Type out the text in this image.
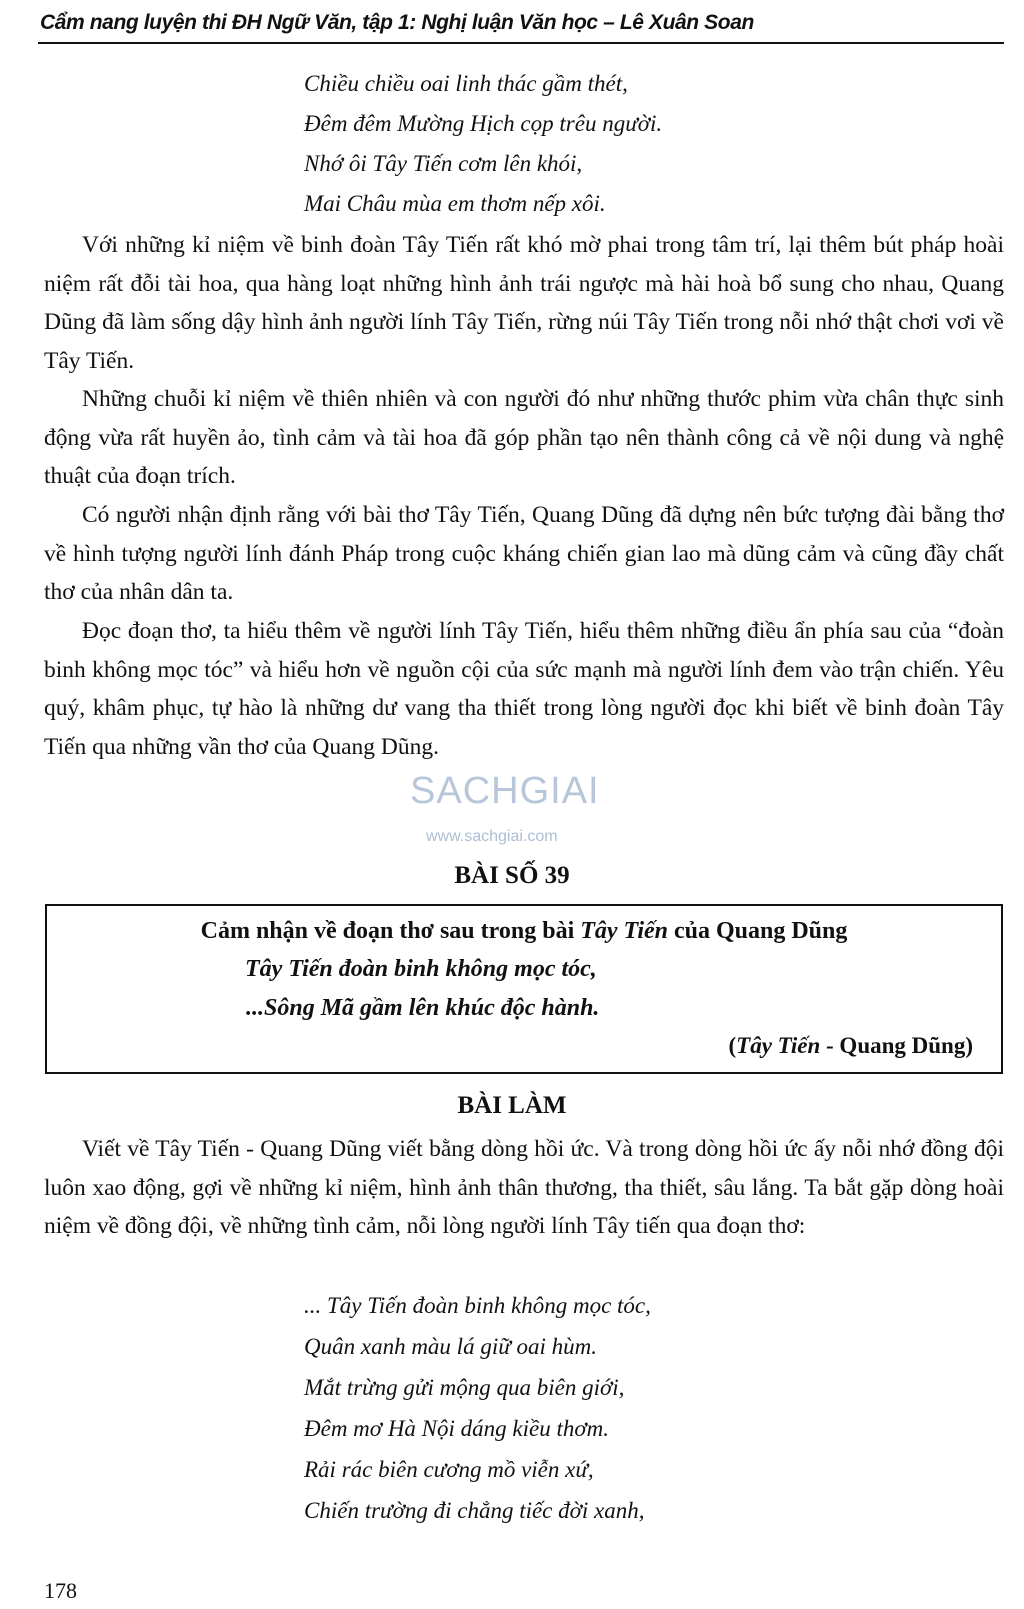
Cẩm nang luyện thi ĐH Ngữ Văn, tập 1: Nghị luận Văn học – Lê Xuân Soan
Chiều chiều oai linh thác gầm thét,
Đêm đêm Mường Hịch cọp trêu người.
Nhớ ôi Tây Tiến cơm lên khói,
Mai Châu mùa em thơm nếp xôi.

Với những kỉ niệm về binh đoàn Tây Tiến rất khó mờ phai trong tâm trí, lại thêm bút pháp hoài niệm rất đỗi tài hoa, qua hàng loạt những hình ảnh trái ngược mà hài hoà bổ sung cho nhau, Quang Dũng đã làm sống dậy hình ảnh người lính Tây Tiến, rừng núi Tây Tiến trong nỗi nhớ thật chơi vơi về Tây Tiến.

Những chuỗi kỉ niệm về thiên nhiên và con người đó như những thước phim vừa chân thực sinh động vừa rất huyền ảo, tình cảm và tài hoa đã góp phần tạo nên thành công cả về nội dung và nghệ thuật của đoạn trích.

Có người nhận định rằng với bài thơ Tây Tiến, Quang Dũng đã dựng nên bức tượng đài bằng thơ về hình tượng người lính đánh Pháp trong cuộc kháng chiến gian lao mà dũng cảm và cũng đầy chất thơ của nhân dân ta.

Đọc đoạn thơ, ta hiểu thêm về người lính Tây Tiến, hiểu thêm những điều ẩn phía sau của “đoàn binh không mọc tóc” và hiểu hơn về nguồn cội của sức mạnh mà người lính đem vào trận chiến. Yêu quý, khâm phục, tự hào là những dư vang tha thiết trong lòng người đọc khi biết về binh đoàn Tây Tiến qua những vần thơ của Quang Dũng.

SACHGIAI
www.sachgiai.com
BÀI SỐ 39
Cảm nhận về đoạn thơ sau trong bài Tây Tiến của Quang Dũng
Tây Tiến đoàn binh không mọc tóc,
...Sông Mã gầm lên khúc độc hành.
(Tây Tiến - Quang Dũng)
BÀI LÀM

Viết về Tây Tiến - Quang Dũng viết bằng dòng hồi ức. Và trong dòng hồi ức ấy nỗi nhớ đồng đội luôn xao động, gợi về những kỉ niệm, hình ảnh thân thương, tha thiết, sâu lắng. Ta bắt gặp dòng hoài niệm về đồng đội, về những tình cảm, nỗi lòng người lính Tây tiến qua đoạn thơ:

... Tây Tiến đoàn binh không mọc tóc,
Quân xanh màu lá giữ oai hùm.
Mắt trừng gửi mộng qua biên giới,
Đêm mơ Hà Nội dáng kiều thơm.
Rải rác biên cương mồ viễn xứ,
Chiến trường đi chẳng tiếc đời xanh,
178
